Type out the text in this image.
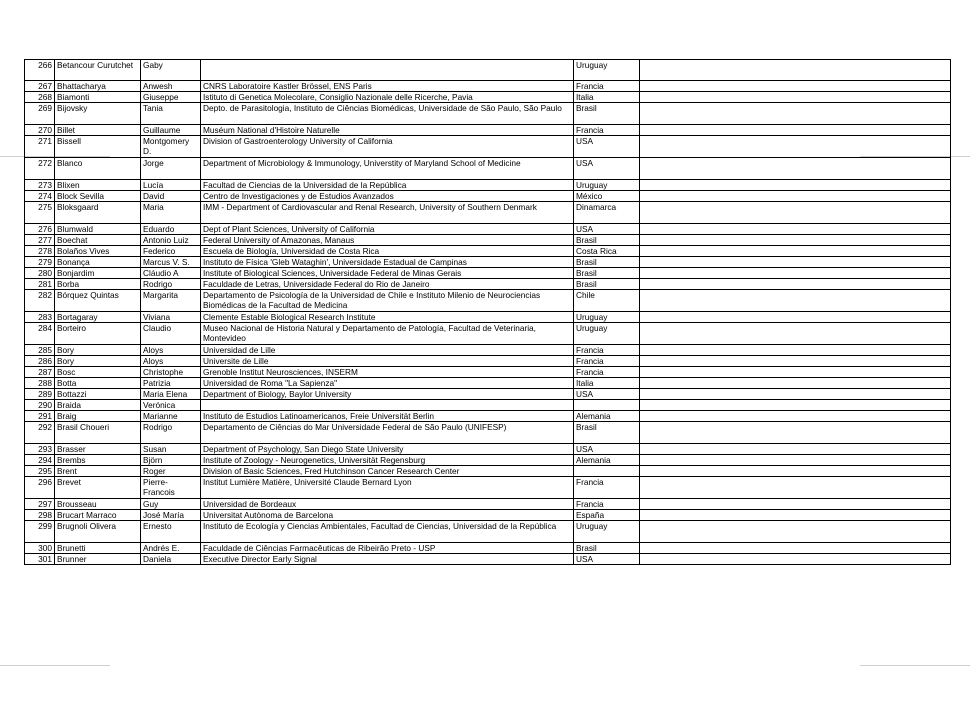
266	Betancour Curutchet	Gaby		Uruguay	
267	Bhattacharya	Anwesh	CNRS Laboratoire Kastler Brössel, ENS Paris	Francia	
268	Biamonti	Giuseppe	Istituto di Genetica Molecolare, Consiglio Nazionale delle Ricerche, Pavia	Italia	
269	Bijovsky	Tania	Depto. de Parasitologia, Instituto de Ciências Biomédicas, Universidade de São Paulo, São Paulo	Brasil	
270	Billet	Guillaume	Muséum National d'Histoire Naturelle	Francia	
271	Bissell	Montgomery D.	Division of Gastroenterology University of California	USA	
272	Blanco	Jorge	Department of Microbiology & Immunology, Universtity of Maryland School of Medicine	USA	
273	Blixen	Lucía	Facultad de Ciencias de la Universidad de la República	Uruguay	
274	Block Sevilla	David	Centro de Investigaciones y de Estudios Avanzados	México	
275	Bloksgaard	Maria	IMM - Department of Cardiovascular and Renal Research, University of Southern Denmark	Dinamarca	
276	Blumwald	Eduardo	Dept of Plant Sciences, University of California	USA	
277	Boechat	Antonio Luiz	Federal University of Amazonas, Manaus	Brasil	
278	Bolaños Vives	Federico	Escuela de Biología, Universidad de Costa Rica	Costa Rica	
279	Bonança	Marcus V. S.	Instituto de Física 'Gleb Wataghin', Universidade Estadual de Campinas	Brasil	
280	Bonjardim	Cláudio A	Institute of Biological Sciences, Universidade Federal de Minas Gerais	Brasil	
281	Borba	Rodrigo	Faculdade de Letras, Universidade Federal do Rio de Janeiro	Brasil	
282	Bórquez Quintas	Margarita	Departamento de Psicología de la Universidad de Chile e Instituto Milenio de Neurociencias Biomédicas de la Facultad de Medicina	Chile	
283	Bortagaray	Viviana	Clemente Estable Biological Research Institute	Uruguay	
284	Borteiro	Claudio	Museo Nacional de Historia Natural y Departamento de Patología, Facultad de Veterinaria, Montevideo	Uruguay	
285	Bory	Aloys	Universidad de Lille	Francia	
286	Bory	Aloys	Universite de Lille	Francia	
287	Bosc	Christophe	Grenoble Institut Neurosciences, INSERM	Francia	
288	Botta	Patrizia	Universidad de Roma "La Sapienza"	Italia	
289	Bottazzi	Maria Elena	Department of Biology, Baylor University	USA	
290	Braida	Verónica			
291	Braig	Marianne	Instituto de Estudios Latinoamericanos, Freie Universität Berlin	Alemania	
292	Brasil Choueri	Rodrigo	Departamento de Ciências do Mar Universidade Federal de São Paulo (UNIFESP)	Brasil	
293	Brasser	Susan	Department of Psychology, San Diego State University	USA	
294	Brembs	Björn	Institute of Zoology - Neurogenetics, Universität Regensburg	Alemania	
295	Brent	Roger	Division of Basic Sciences, Fred Hutchinson Cancer Research Center		
296	Brevet	Pierre-Francois	Institut Lumière Matière, Université Claude Bernard Lyon	Francia	
297	Brousseau	Guy	Universidad de Bordeaux	Francia	
298	Brucart Marraco	José María	Universitat Autònoma de Barcelona	España	
299	Brugnoli Olivera	Ernesto	Instituto de Ecología y Ciencias Ambientales, Facultad de Ciencias, Universidad de la República	Uruguay	
300	Brunetti	Andrés E.	Faculdade de Ciências Farmacêuticas de Ribeirão Preto - USP	Brasil	
301	Brunner	Daniela	Executive Director Early Signal	USA	
